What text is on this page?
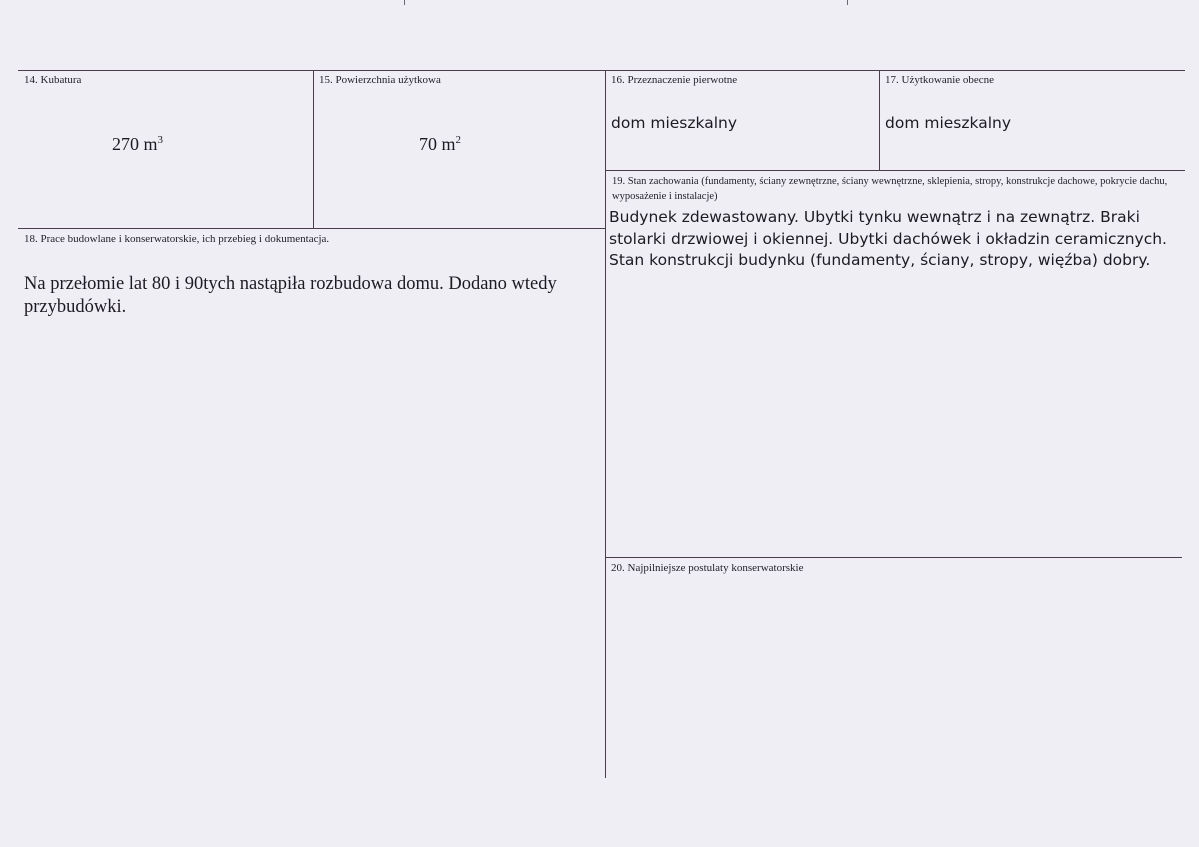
14. Kubatura
270 $m^3$
15. Powierzchnia użytkowa
70 $m^2$
16. Przeznaczenie pierwotne
dom mieszkalny
17. Użytkowanie obecne
dom mieszkalny
18. Prace budowlane i konserwatorskie, ich przebieg i dokumentacja.
Na przełomie lat 80 i 90tych nastąpiła rozbudowa domu. Dodano wtedy przybudówki.
19. Stan zachowania (fundamenty, ściany zewnętrzne, ściany wewnętrzne, sklepienia, stropy, konstrukcje dachowe, pokrycie dachu, wyposażenie i instalacje)
Budynek zdewastowany. Ubytki tynku wewnątrz i na zewnątrz. Braki stolarki drzwiowej i okiennej. Ubytki dachówek i okładzin ceramicznych. Stan konstrukcji budynku (fundamenty, ściany, stropy, więźba) dobry.
20. Najpilniejsze postulaty konserwatorskie
